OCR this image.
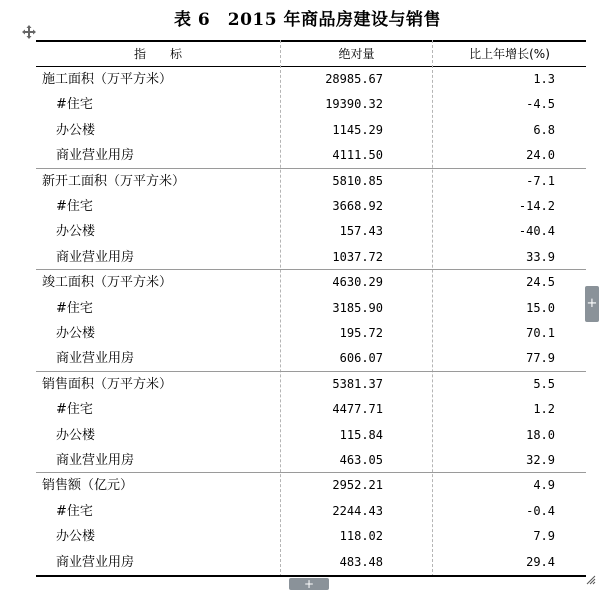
表 6　2015 年商品房建设与销售
指　　标	绝对量	比上年增长(%)
施工面积（万平方米）	28985.67	1.3
#住宅	19390.32	-4.5
办公楼	1145.29	6.8
商业营业用房	4111.50	24.0
新开工面积（万平方米）	5810.85	-7.1
#住宅	3668.92	-14.2
办公楼	157.43	-40.4
商业营业用房	1037.72	33.9
竣工面积（万平方米）	4630.29	24.5
#住宅	3185.90	15.0
办公楼	195.72	70.1
商业营业用房	606.07	77.9
销售面积（万平方米）	5381.37	5.5
#住宅	4477.71	1.2
办公楼	115.84	18.0
商业营业用房	463.05	32.9
销售额（亿元）	2952.21	4.9
#住宅	2244.43	-0.4
办公楼	118.02	7.9
商业营业用房	483.48	29.4
+
+
